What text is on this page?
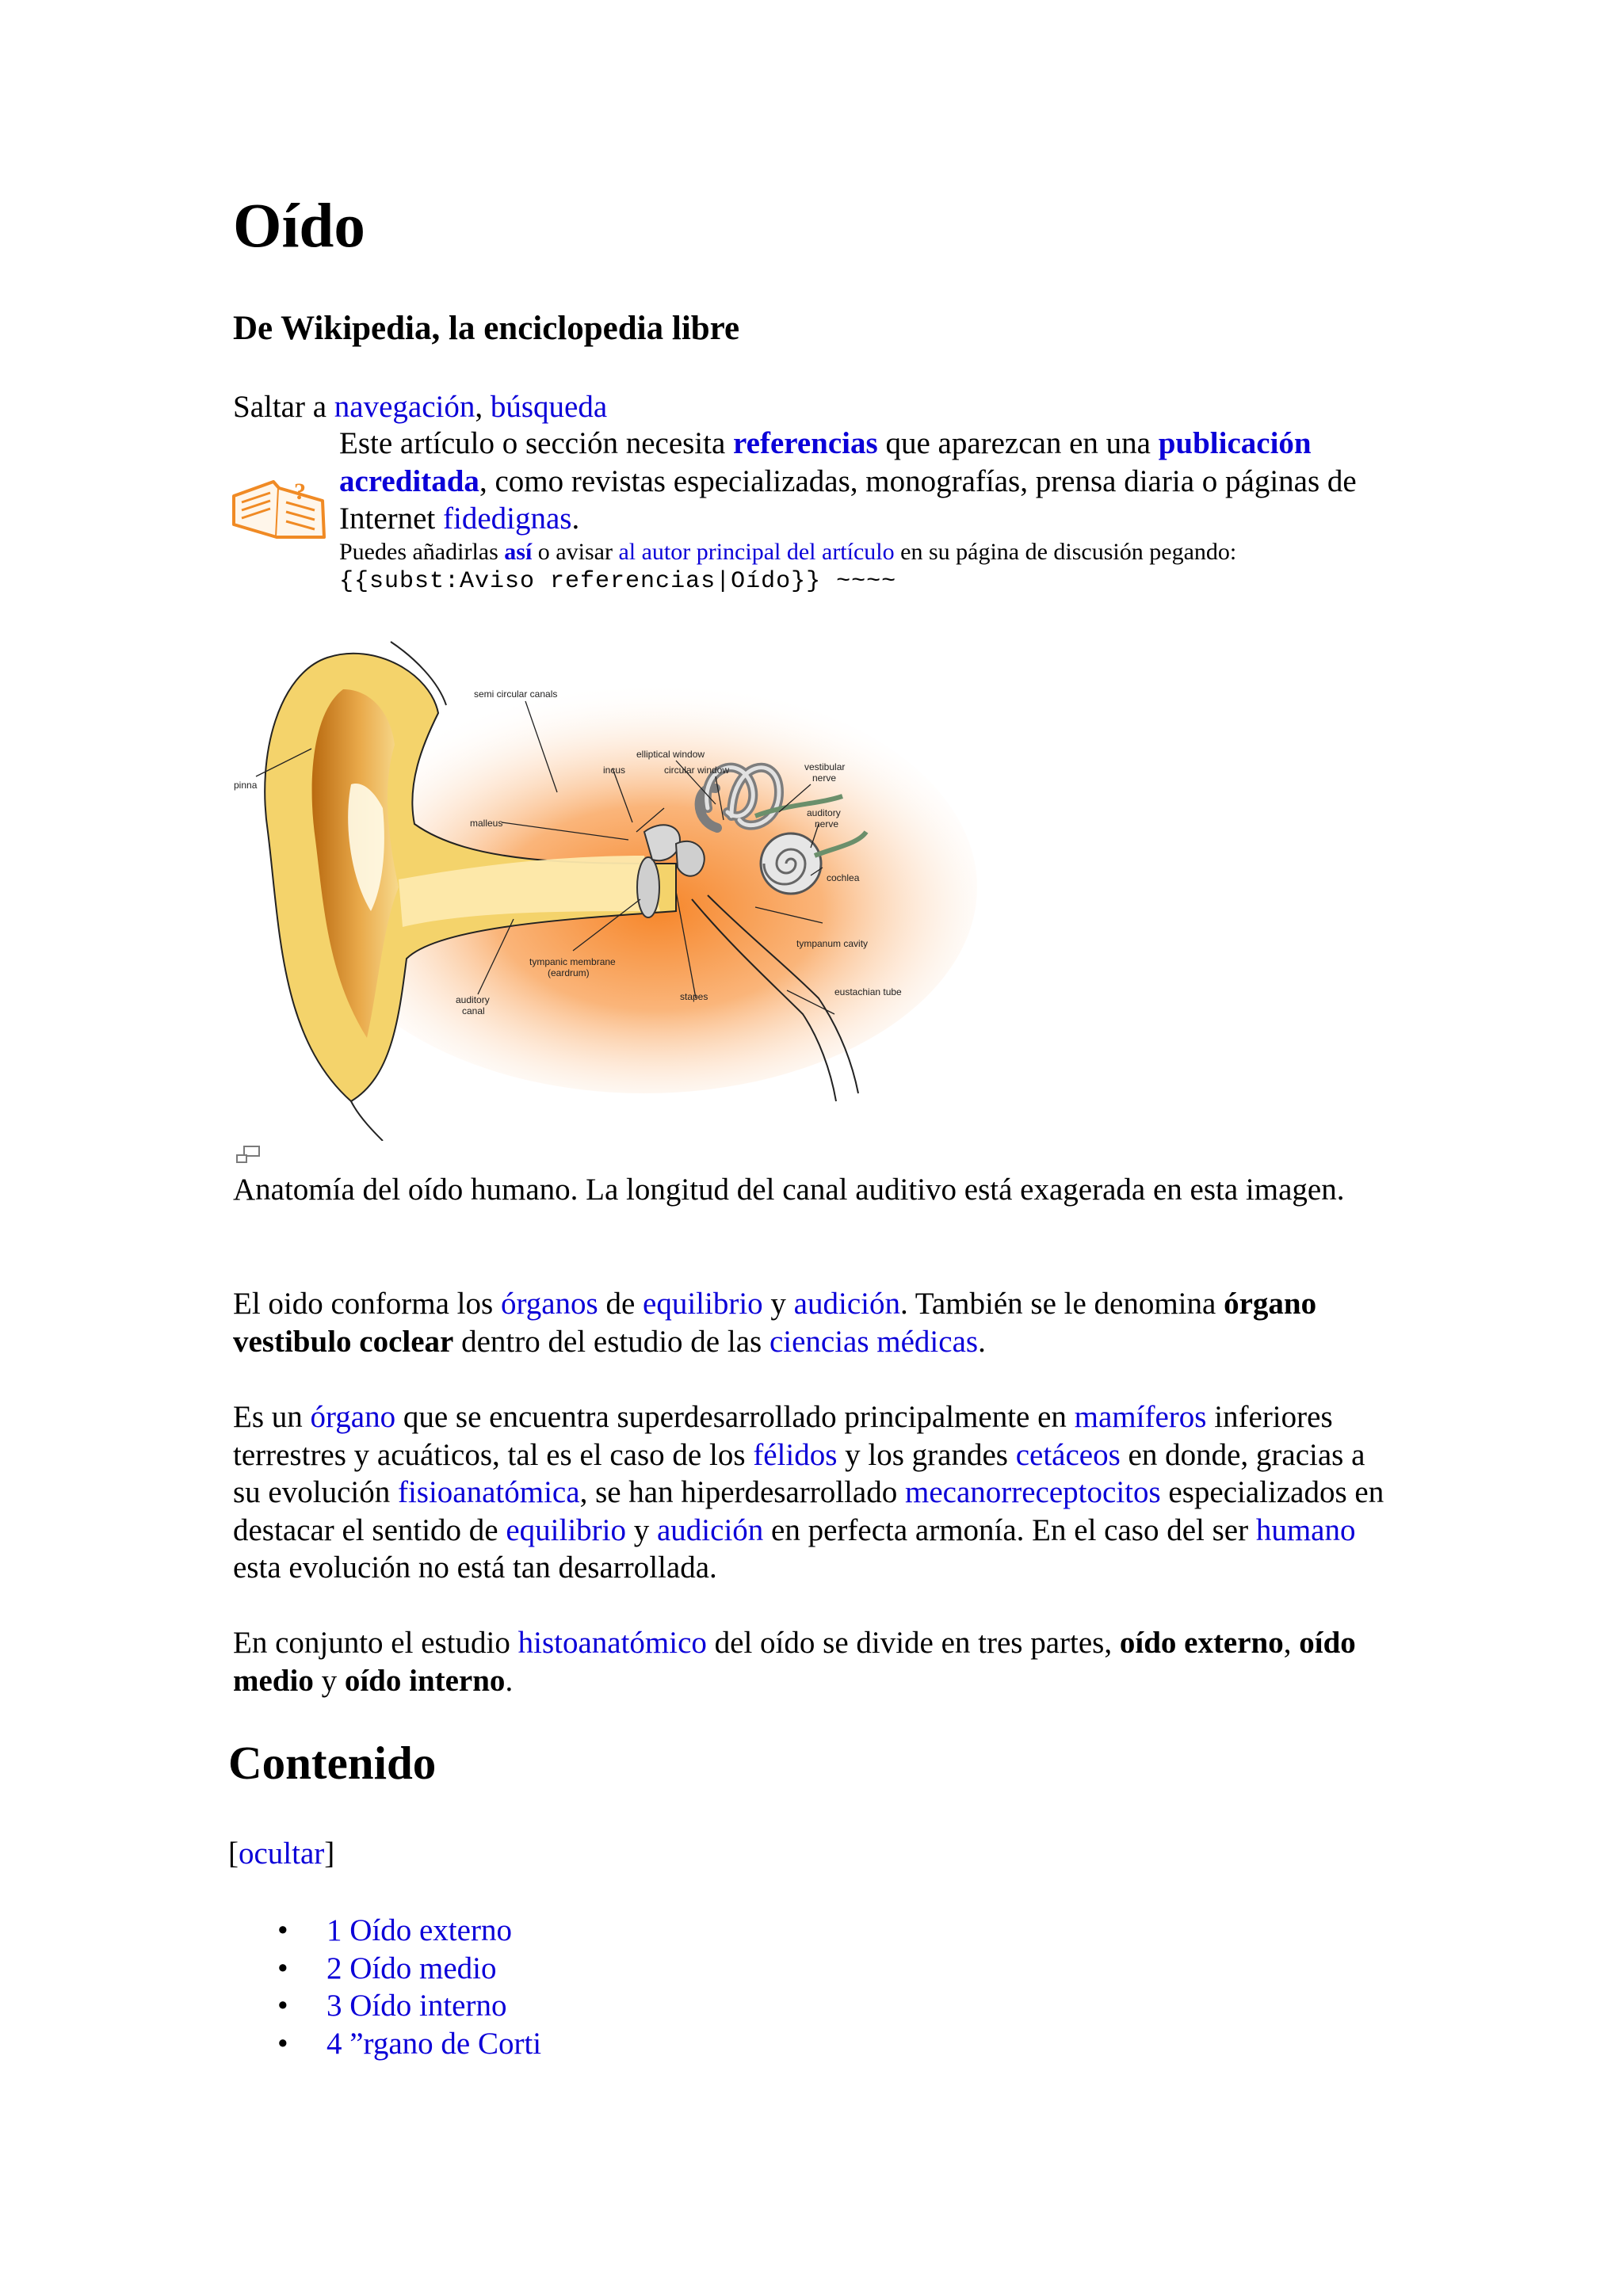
Oído
De Wikipedia, la enciclopedia libre

Saltar a navegación, búsqueda

?
Este artículo o sección necesita referencias que aparezcan en una publicación acreditada, como revistas especializadas, monografías, prensa diaria o páginas de Internet fidedignas.
Puedes añadirlas así o avisar al autor principal del artículo en su página de discusión pegando:
{{subst:Aviso referencias|Oído}} ~~~~
semi circular canals
elliptical window
incus	circular window	vestibular
nerve
pinna
auditory
nerve
malleus
cochlea
tympanum cavity
tympanic membrane
(eardrum)
auditory
canal
stapes	eustachian tube

Anatomía del oído humano. La longitud del canal auditivo está exagerada en esta imagen.

El oido conforma los órganos de equilibrio y audición. También se le denomina órgano vestibulo coclear dentro del estudio de las ciencias médicas.

Es un órgano que se encuentra superdesarrollado principalmente en mamíferos inferiores terrestres y acuáticos, tal es el caso de los félidos y los grandes cetáceos en donde, gracias a su evolución fisioanatómica, se han hiperdesarrollado mecanorreceptocitos especializados en destacar el sentido de equilibrio y audición en perfecta armonía. En el caso del ser humano esta evolución no está tan desarrollada.

En conjunto el estudio histoanatómico del oído se divide en tres partes, oído externo, oído medio y oído interno.

Contenido

[ocultar]

• 1 Oído externo
• 2 Oído medio
• 3 Oído interno
• 4 ”rgano de Corti
